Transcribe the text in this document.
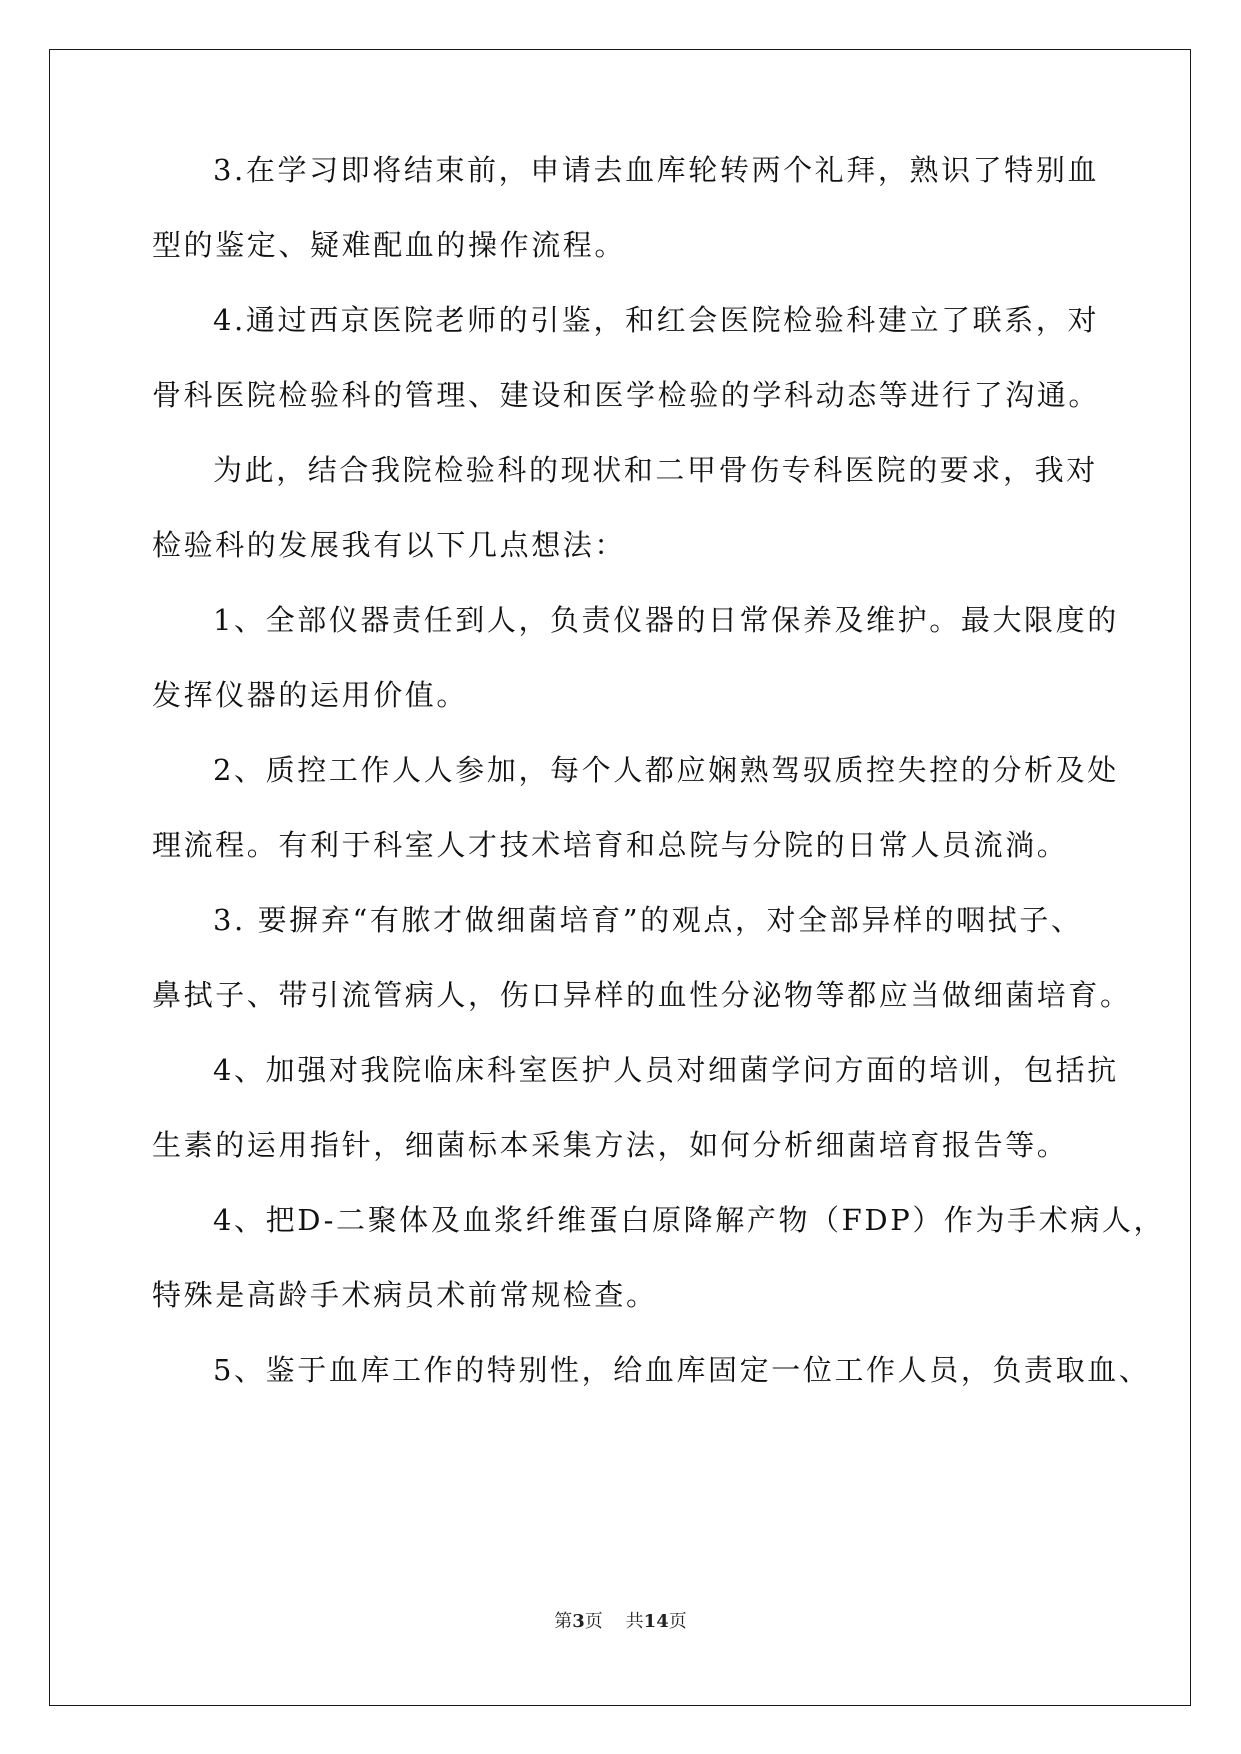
3.在学习即将结束前，申请去血库轮转两个礼拜，熟识了特别血
型的鉴定、疑难配血的操作流程。
4.通过西京医院老师的引鉴，和红会医院检验科建立了联系，对
骨科医院检验科的管理、建设和医学检验的学科动态等进行了沟通。
为此，结合我院检验科的现状和二甲骨伤专科医院的要求，我对
检验科的发展我有以下几点想法：
1、全部仪器责任到人，负责仪器的日常保养及维护。最大限度的
发挥仪器的运用价值。
2、质控工作人人参加，每个人都应娴熟驾驭质控失控的分析及处
理流程。有利于科室人才技术培育和总院与分院的日常人员流淌。
3. 要摒弃“有脓才做细菌培育”的观点，对全部异样的咽拭子、
鼻拭子、带引流管病人，伤口异样的血性分泌物等都应当做细菌培育。
4、加强对我院临床科室医护人员对细菌学问方面的培训，包括抗
生素的运用指针，细菌标本采集方法，如何分析细菌培育报告等。
4、把D-二聚体及血浆纤维蛋白原降解产物（FDP）作为手术病人，
特殊是高龄手术病员术前常规检查。
5、鉴于血库工作的特别性，给血库固定一位工作人员，负责取血、
第3页 共14页
